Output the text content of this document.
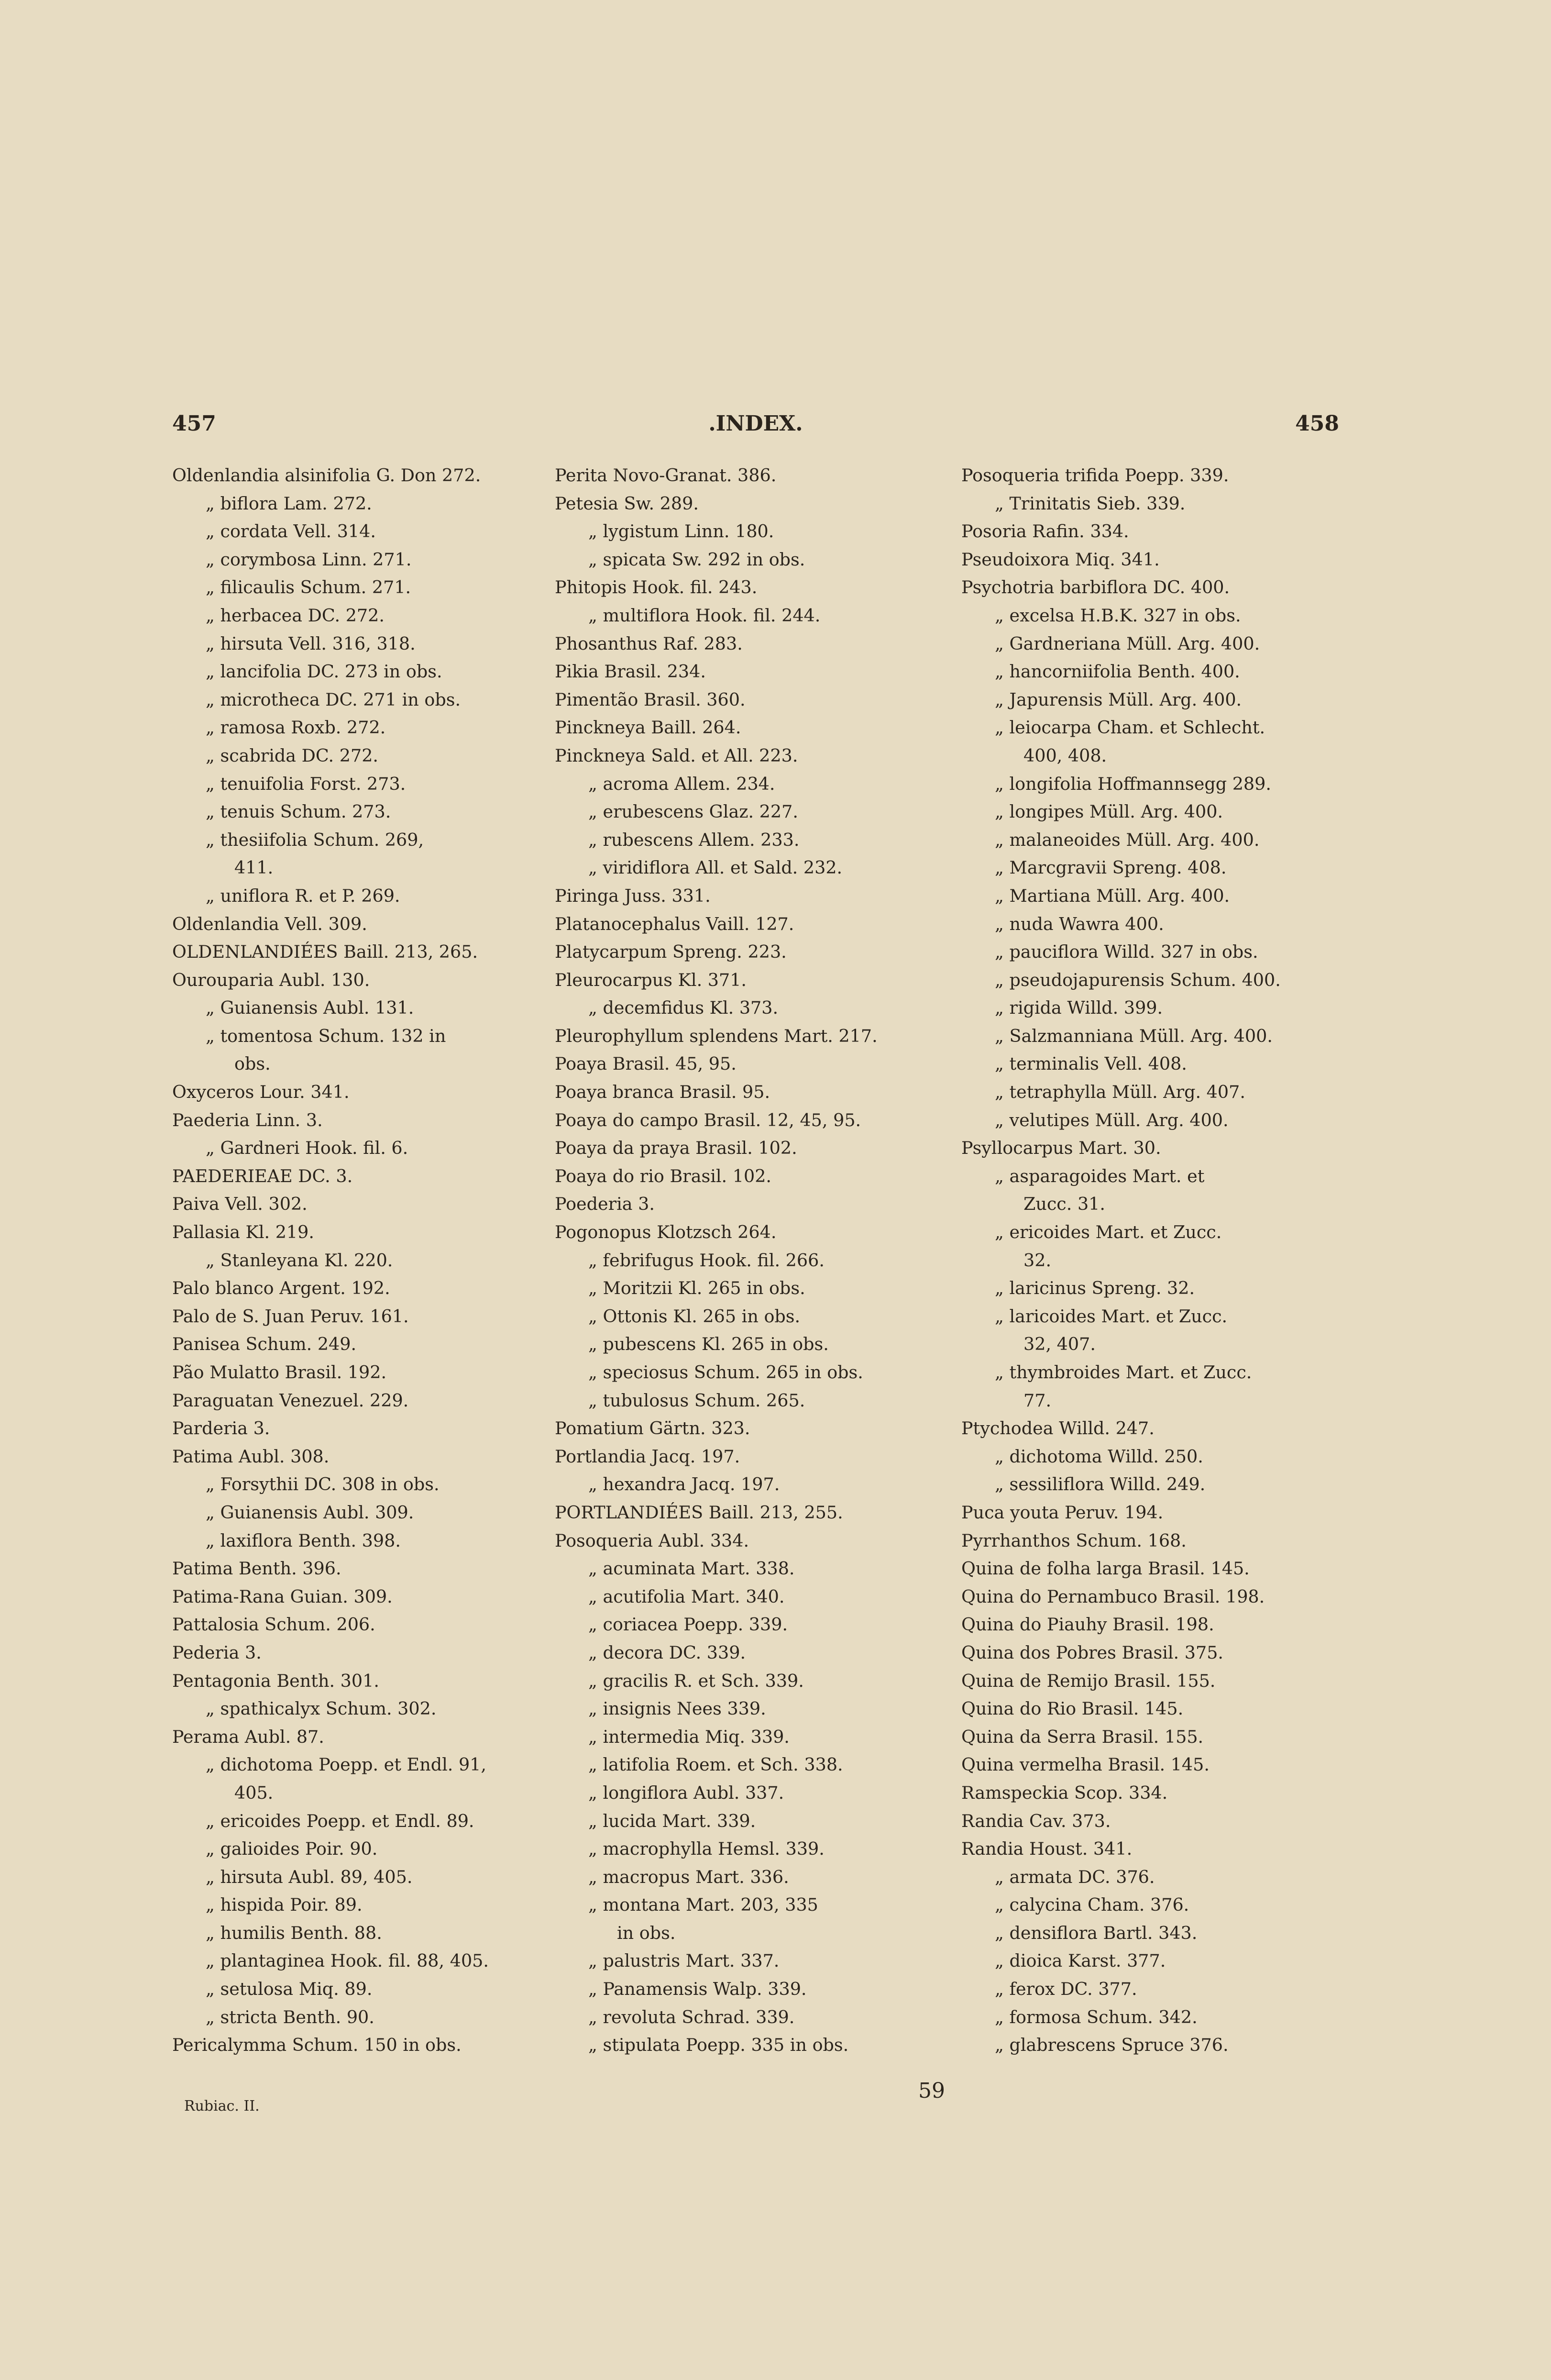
457	.INDEX.	458
Oldenlandia alsinifolia G. Don 272.
„ biflora Lam. 272.
„ cordata Vell. 314.
„ corymbosa Linn. 271.
„ filicaulis Schum. 271.
„ herbacea DC. 272.
„ hirsuta Vell. 316, 318.
„ lancifolia DC. 273 in obs.
„ microtheca DC. 271 in obs.
„ ramosa Roxb. 272.
„ scabrida DC. 272.
„ tenuifolia Forst. 273.
„ tenuis Schum. 273.
„ thesiifolia Schum. 269,
411.
„ uniflora R. et P. 269.
Oldenlandia Vell. 309.
OLDENLANDIÉES Baill. 213, 265.
Ourouparia Aubl. 130.
„ Guianensis Aubl. 131.
„ tomentosa Schum. 132 in
obs.
Oxyceros Lour. 341.
Paederia Linn. 3.
„ Gardneri Hook. fil. 6.
PAEDERIEAE DC. 3.
Paiva Vell. 302.
Pallasia Kl. 219.
„ Stanleyana Kl. 220.
Palo blanco Argent. 192.
Palo de S. Juan Peruv. 161.
Panisea Schum. 249.
Pão Mulatto Brasil. 192.
Paraguatan Venezuel. 229.
Parderia 3.
Patima Aubl. 308.
„ Forsythii DC. 308 in obs.
„ Guianensis Aubl. 309.
„ laxiflora Benth. 398.
Patima Benth. 396.
Patima-Rana Guian. 309.
Pattalosia Schum. 206.
Pederia 3.
Pentagonia Benth. 301.
„ spathicalyx Schum. 302.
Perama Aubl. 87.
„ dichotoma Poepp. et Endl. 91,
405.
„ ericoides Poepp. et Endl. 89.
„ galioides Poir. 90.
„ hirsuta Aubl. 89, 405.
„ hispida Poir. 89.
„ humilis Benth. 88.
„ plantaginea Hook. fil. 88, 405.
„ setulosa Miq. 89.
„ stricta Benth. 90.
Pericalymma Schum. 150 in obs.
Perita Novo-Granat. 386.
Petesia Sw. 289.
„ lygistum Linn. 180.
„ spicata Sw. 292 in obs.
Phitopis Hook. fil. 243.
„ multiflora Hook. fil. 244.
Phosanthus Raf. 283.
Pikia Brasil. 234.
Pimentão Brasil. 360.
Pinckneya Baill. 264.
Pinckneya Sald. et All. 223.
„ acroma Allem. 234.
„ erubescens Glaz. 227.
„ rubescens Allem. 233.
„ viridiflora All. et Sald. 232.
Piringa Juss. 331.
Platanocephalus Vaill. 127.
Platycarpum Spreng. 223.
Pleurocarpus Kl. 371.
„ decemfidus Kl. 373.
Pleurophyllum splendens Mart. 217.
Poaya Brasil. 45, 95.
Poaya branca Brasil. 95.
Poaya do campo Brasil. 12, 45, 95.
Poaya da praya Brasil. 102.
Poaya do rio Brasil. 102.
Poederia 3.
Pogonopus Klotzsch 264.
„ febrifugus Hook. fil. 266.
„ Moritzii Kl. 265 in obs.
„ Ottonis Kl. 265 in obs.
„ pubescens Kl. 265 in obs.
„ speciosus Schum. 265 in obs.
„ tubulosus Schum. 265.
Pomatium Gärtn. 323.
Portlandia Jacq. 197.
„ hexandra Jacq. 197.
PORTLANDIÉES Baill. 213, 255.
Posoqueria Aubl. 334.
„ acuminata Mart. 338.
„ acutifolia Mart. 340.
„ coriacea Poepp. 339.
„ decora DC. 339.
„ gracilis R. et Sch. 339.
„ insignis Nees 339.
„ intermedia Miq. 339.
„ latifolia Roem. et Sch. 338.
„ longiflora Aubl. 337.
„ lucida Mart. 339.
„ macrophylla Hemsl. 339.
„ macropus Mart. 336.
„ montana Mart. 203, 335
in obs.
„ palustris Mart. 337.
„ Panamensis Walp. 339.
„ revoluta Schrad. 339.
„ stipulata Poepp. 335 in obs.
Posoqueria trifida Poepp. 339.
„ Trinitatis Sieb. 339.
Posoria Rafin. 334.
Pseudoixora Miq. 341.
Psychotria barbiflora DC. 400.
„ excelsa H.B.K. 327 in obs.
„ Gardneriana Müll. Arg. 400.
„ hancorniifolia Benth. 400.
„ Japurensis Müll. Arg. 400.
„ leiocarpa Cham. et Schlecht.
400, 408.
„ longifolia Hoffmannsegg 289.
„ longipes Müll. Arg. 400.
„ malaneoides Müll. Arg. 400.
„ Marcgravii Spreng. 408.
„ Martiana Müll. Arg. 400.
„ nuda Wawra 400.
„ pauciflora Willd. 327 in obs.
„ pseudojapurensis Schum. 400.
„ rigida Willd. 399.
„ Salzmanniana Müll. Arg. 400.
„ terminalis Vell. 408.
„ tetraphylla Müll. Arg. 407.
„ velutipes Müll. Arg. 400.
Psyllocarpus Mart. 30.
„ asparagoides Mart. et
Zucc. 31.
„ ericoides Mart. et Zucc.
32.
„ laricinus Spreng. 32.
„ laricoides Mart. et Zucc.
32, 407.
„ thymbroides Mart. et Zucc.
77.
Ptychodea Willd. 247.
„ dichotoma Willd. 250.
„ sessiliflora Willd. 249.
Puca youta Peruv. 194.
Pyrrhanthos Schum. 168.
Quina de folha larga Brasil. 145.
Quina do Pernambuco Brasil. 198.
Quina do Piauhy Brasil. 198.
Quina dos Pobres Brasil. 375.
Quina de Remijo Brasil. 155.
Quina do Rio Brasil. 145.
Quina da Serra Brasil. 155.
Quina vermelha Brasil. 145.
Ramspeckia Scop. 334.
Randia Cav. 373.
Randia Houst. 341.
„ armata DC. 376.
„ calycina Cham. 376.
„ densiflora Bartl. 343.
„ dioica Karst. 377.
„ ferox DC. 377.
„ formosa Schum. 342.
„ glabrescens Spruce 376.
Rubiac. II.
59
